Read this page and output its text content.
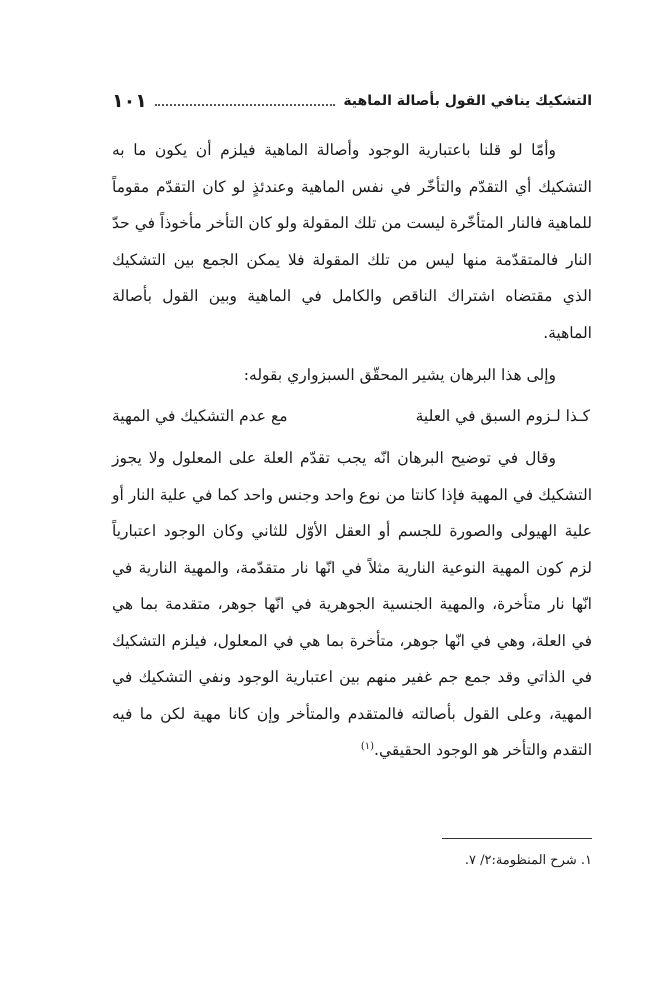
التشكيك ينافي القول بأصالة الماهية
١٠١

وأمّا لو قلنا باعتبارية الوجود وأصالة الماهية فيلزم أن يكون ما به التشكيك أي التقدّم والتأخّر في نفس الماهية وعندئذٍ لو كان التقدّم مقوماً للماهية فالنار المتأخّرة ليست من تلك المقولة ولو كان التأخر مأخوذاً في حدّ النار فالمتقدّمة منها ليس من تلك المقولة فلا يمكن الجمع بين التشكيك الذي مقتضاه اشتراك الناقص والكامل في الماهية وبين القول بأصالة الماهية.

وإلى هذا البرهان يشير المحقّق السبزواري بقوله:

كـذا لـزوم السبق في العلية
مع عدم التشكيك في المهية

وقال في توضيح البرهان انّه يجب تقدّم العلة على المعلول ولا يجوز التشكيك في المهية فإذا كانتا من نوع واحد وجنس واحد كما في علية النار أو علية الهيولى والصورة للجسم أو العقل الأوّل للثاني وكان الوجود اعتبارياً لزم كون المهية النوعية النارية مثلاً في انّها نار متقدّمة، والمهية النارية في انّها نار متأخرة، والمهية الجنسية الجوهرية في انّها جوهر، متقدمة بما هي في العلة، وهي في انّها جوهر، متأخرة بما هي في المعلول، فيلزم التشكيك في الذاتي وقد جمع جم غفير منهم بين اعتبارية الوجود ونفي التشكيك في المهية، وعلى القول بأصالته فالمتقدم والمتأخر وإن كانا مهية لكن ما فيه التقدم والتأخر هو الوجود الحقيقي.$^{(١)}$

١. شرح المنظومة:٢/ ٧.
